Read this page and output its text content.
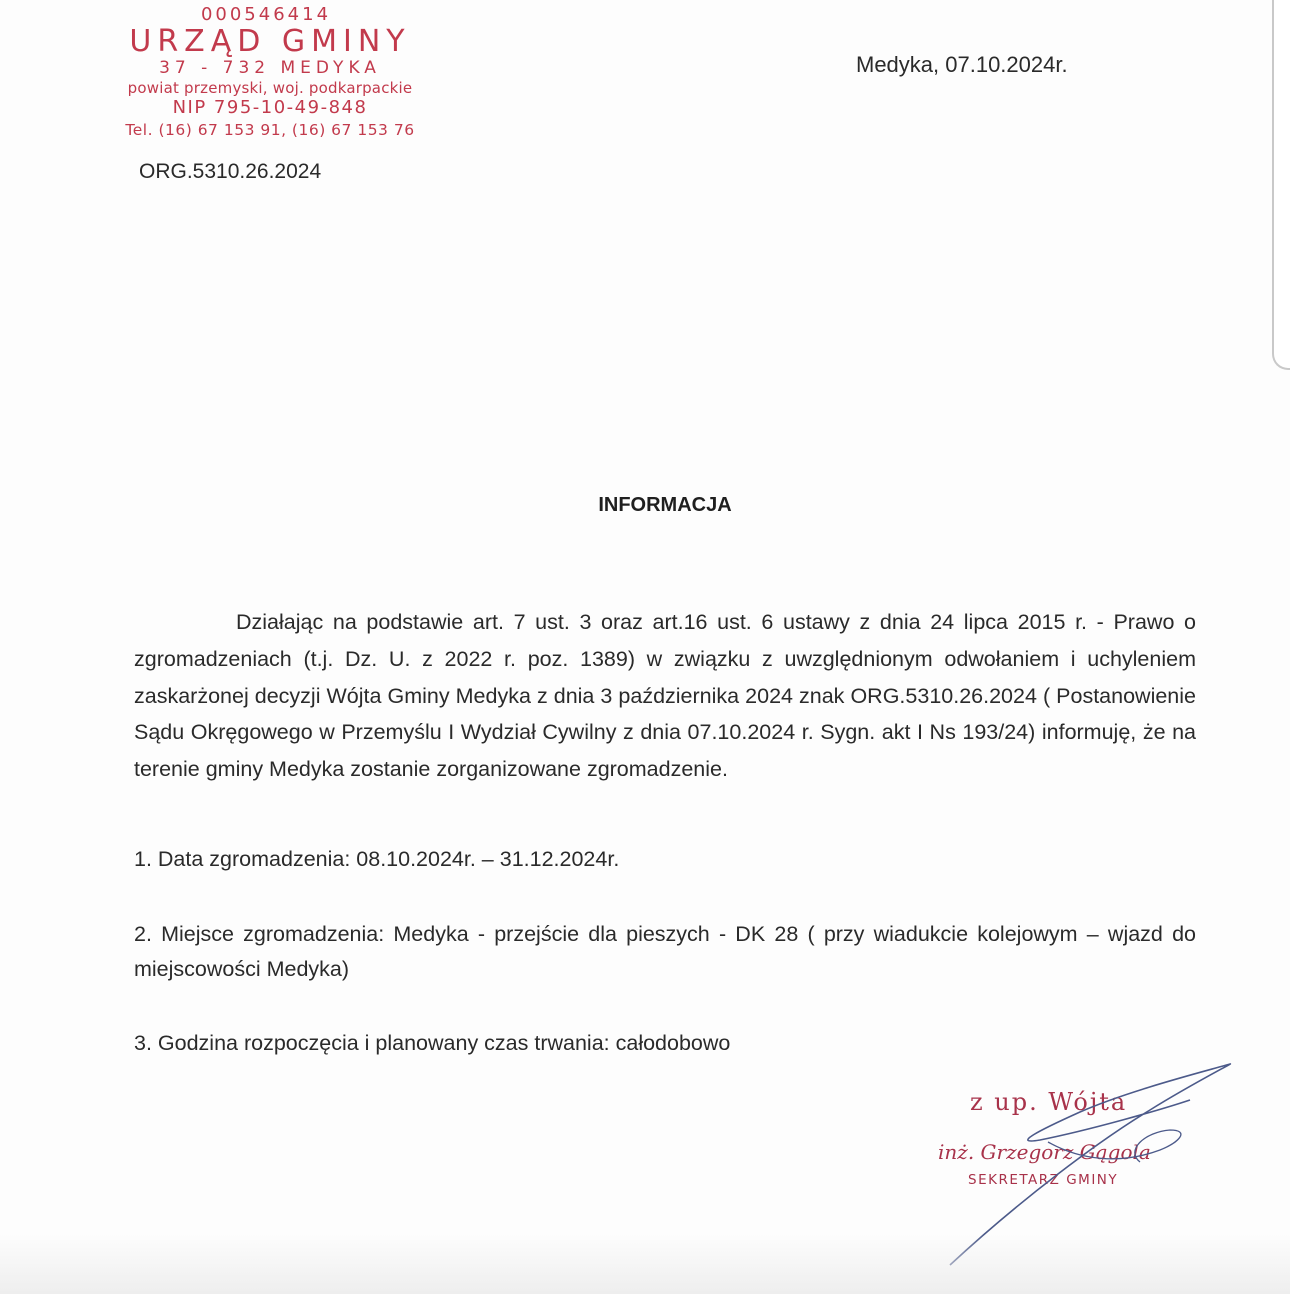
000546414
URZĄD GMINY
37 - 732 MEDYKA
powiat przemyski, woj. podkarpackie
NIP 795-10-49-848
Tel. (16) 67 153 91, (16) 67 153 76
ORG.5310.26.2024
Medyka, 07.10.2024r.
INFORMACJA
Działając na podstawie art. 7 ust. 3 oraz art.16 ust. 6 ustawy z dnia 24 lipca 2015 r. - Prawo o zgromadzeniach (t.j. Dz. U. z 2022 r. poz. 1389) w związku z uwzględnionym odwołaniem i uchyleniem zaskarżonej decyzji Wójta Gminy Medyka z dnia 3 października 2024 znak ORG.5310.26.2024 ( Postanowienie Sądu Okręgowego w Przemyślu I Wydział Cywilny z dnia 07.10.2024 r. Sygn. akt I Ns 193/24) informuję, że na terenie gminy Medyka zostanie zorganizowane zgromadzenie.
1. Data zgromadzenia: 08.10.2024r. – 31.12.2024r.
2. Miejsce zgromadzenia: Medyka - przejście dla pieszych - DK 28 ( przy wiadukcie kolejowym – wjazd do miejscowości Medyka)
3. Godzina rozpoczęcia i planowany czas trwania: całodobowo
z up. Wójta
inż. Grzegorz Gągola
SEKRETARZ GMINY
